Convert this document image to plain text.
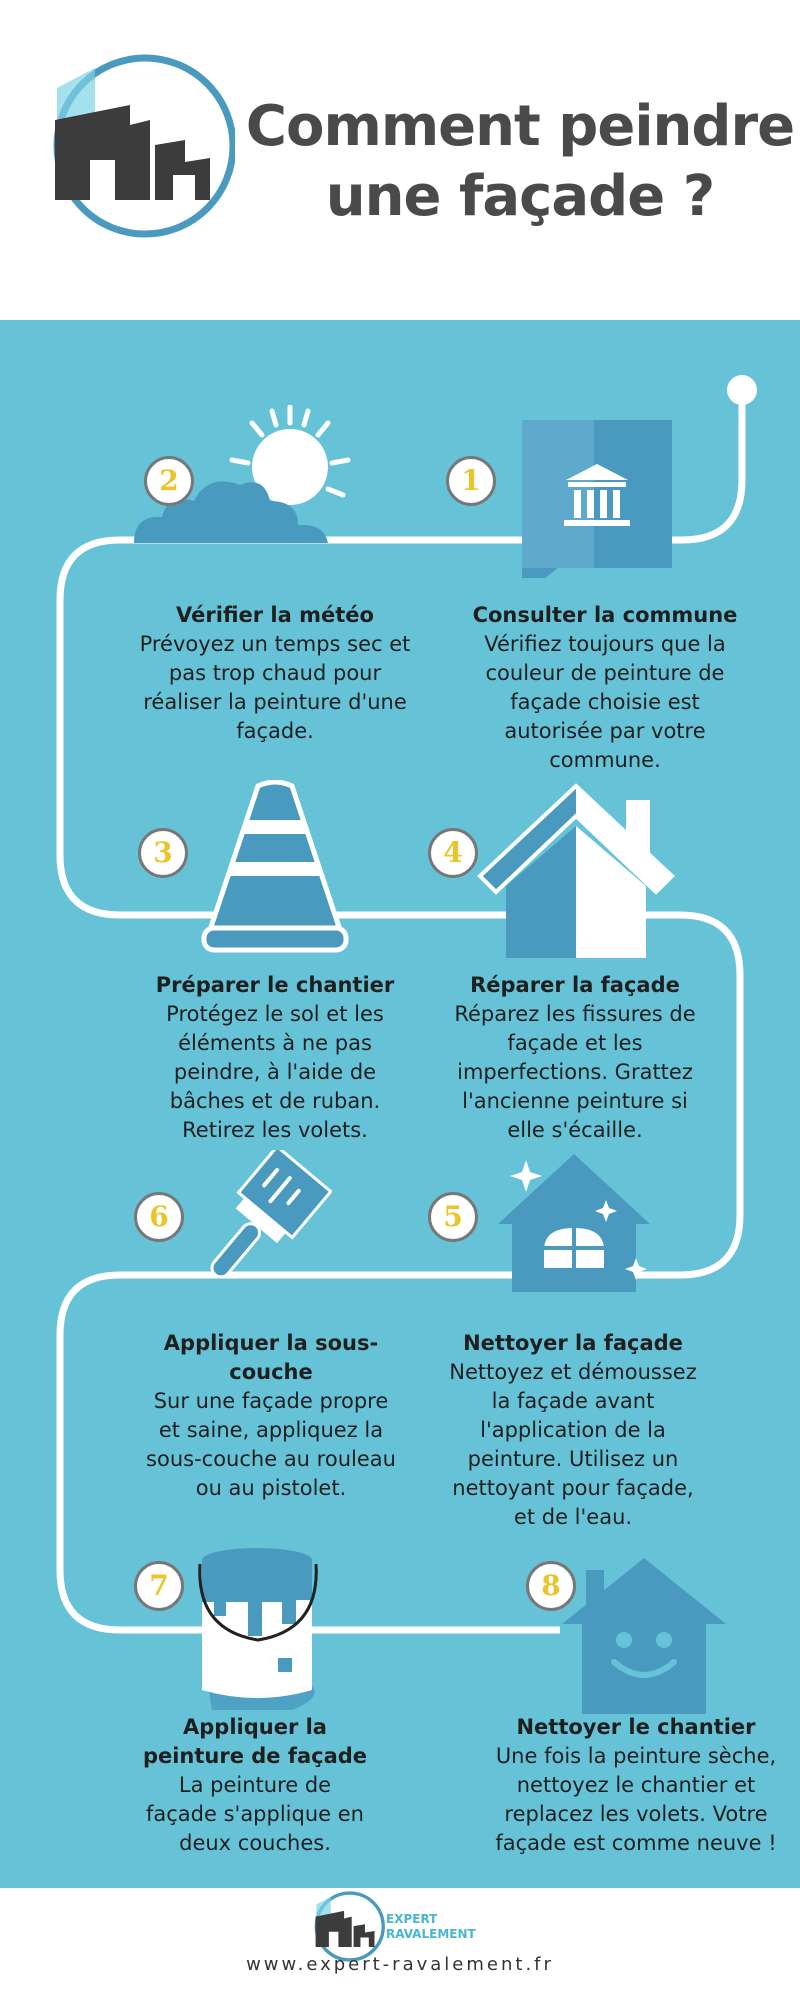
Comment peindre
une façade ?
1
2
Consulter la commune
Vérifiez toujours que la
couleur de peinture de
façade choisie est
autorisée par votre
commune.
Vérifier la météo
Prévoyez un temps sec et
pas trop chaud pour
réaliser la peinture d'une
façade.
3	4
Préparer le chantier
Protégez le sol et les
éléments à ne pas
peindre, à l'aide de
bâches et de ruban.
Retirez les volets.
Réparer la façade
Réparez les fissures de
façade et les
imperfections. Grattez
l'ancienne peinture si
elle s'écaille.
6	5
Appliquer la sous-
couche
Sur une façade propre
et saine, appliquez la
sous-couche au rouleau
ou au pistolet.
Nettoyer la façade
Nettoyez et démoussez
la façade avant
l'application de la
peinture. Utilisez un
nettoyant pour façade,
et de l'eau.
7	8
Appliquer la
peinture de façade
La peinture de
façade s'applique en
deux couches.
Nettoyer le chantier
Une fois la peinture sèche,
nettoyez le chantier et
replacez les volets. Votre
façade est comme neuve !
EXPERT
RAVALEMENT
www.expert-ravalement.fr
